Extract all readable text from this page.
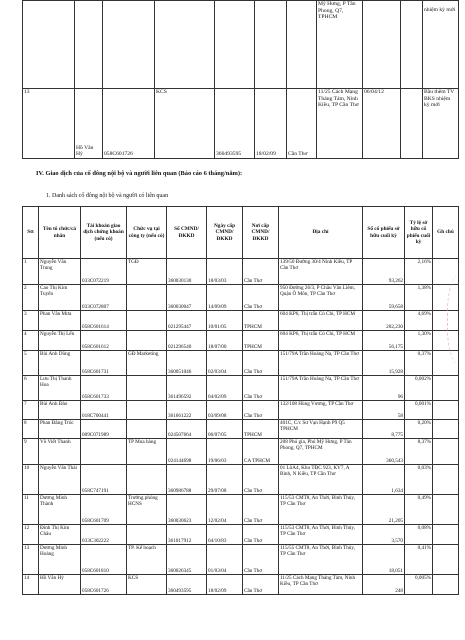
							Mỹ Hưng, P Tân Phong, Q7, TPHCM			nhiệm kỳ mới
13	Hồ Văn Hỷ	058C601726	KCS	360493595	18/02/09	Cần Thơ	11/25 Cách Mạng Tháng Tám, Ninh Kiều, TP Cần Thơ	06/04/12		Bầu thêm TV BKS nhiệm kỳ mới
IV. Giao dịch của cổ đông nội bộ và người liên quan (Báo cáo 6 tháng/năm):
1. Danh sách cổ đông nội bộ và người có liên quan
Stt	Tên tổ chức/cá nhân	Tài khoản giao dịch chứng khoán (nếu có)	Chức vụ tại công ty (nếu có)	Số CMND/ ĐKKD	Ngày cấp CMND/ ĐKKD	Nơi cấp CMND/ ĐKKD	Địa chỉ	Số cổ phiếu sở hữu cuối kỳ	Tỷ lệ sở hữu cổ phiếu cuối kỳ	Gh chú
1	Nguyễn Văn Trung	033C072219	TGĐ	360030130	18/03/03	Cần Thơ	139/50 Đường 30/4 Ninh Kiều, TP Cần Thơ	93,262	2,16%	
2	Cao Thị Kim Tuyến	033C072807		360030047	14/09/09	Cần Thơ	950 Đường 26/3, P Châu Văn Liêm, Quận Ô Môn, TP Cần Thơ	59,658	1,38%	
3	Phan Văn Mưa	058C601614		021295447	10/01/05	TPHCM	604 KP6, Thị trấn Củ Chi, TP HCM	202,230	4,69%	
4	Nguyễn Thị Lến	058C601612		021296540	18/07/00	TPHCM	604 KP6, Thị trấn Củ Chi, TP HCM	56,175	1,30%	
5	Bùi Anh Dũng	058C601731	GĐ Marketing	360051046	02/03/04	Cần Thơ	151/79A Trần Hoàng Na, TP Cần Thơ	15,928	0,37%	
6	Lưu Thị Thanh Hoa	058C601733		361496592	04/02/09	Cần Thơ	151/79A Trần Hoàng Na, TP Cần Thơ	96	0,002%	
7	Bùi Anh Đào	018C700441		361661222	03/09/08	Cần Thơ	132/108 Hùng Vương, TP Cần Thơ	58	0,001%	
8	Phan Đăng Trúc	009C071989		024507664	06/07/05	TPHCM	401C, C/c Sư Vạn Hạnh P9 Q5 TPHCM	8,775	0,20%	
9	Võ Viết Thanh		TP Mua hàng	024144698	19/06/03	CA TPHCM	208 Phú gia, Phú Mỹ Hưng, P Tân Phong, Q7, TPHCM	360,543	8,37%	
10	Nguyễn Văn Thái	058C747191		360986788	29/07/08	Cần Thơ	01 LôA4, Khu TĐC 923, KV7, A Bình, N Kiều, TP Cần Thơ	1,634	0,03%	
11	Dương Minh Thành	058C601709	Trưởng phòng HCNS	360030623	12/02/04	Cần Thơ	115/53 CMT8, An Thới, Bình Thủy, TP Cần Thơ	21,205	0,49%	
12	Đinh Thị Kim Châu	033C302222		361017912	04/10/83	Cần Thơ	115/53 CMT8, An Thới, Bình Thủy, TP Cần Thơ	3,570	0,08%	
13	Dương Minh Hoàng	058C601810	TP. Kế hoạch	360026345	01/03/04	Cần Thơ	115/55 CMT8, An Thới, Bình Thủy, TP Cần Thơ	18,051	0,41%	
14	Hồ Văn Hỷ	058C601726	KCS	360493595	18/02/09	Cần Thơ	11/25 Cách Mạng Tháng Tám, Ninh Kiều, TP Cần Thơ	248	0,005%	
